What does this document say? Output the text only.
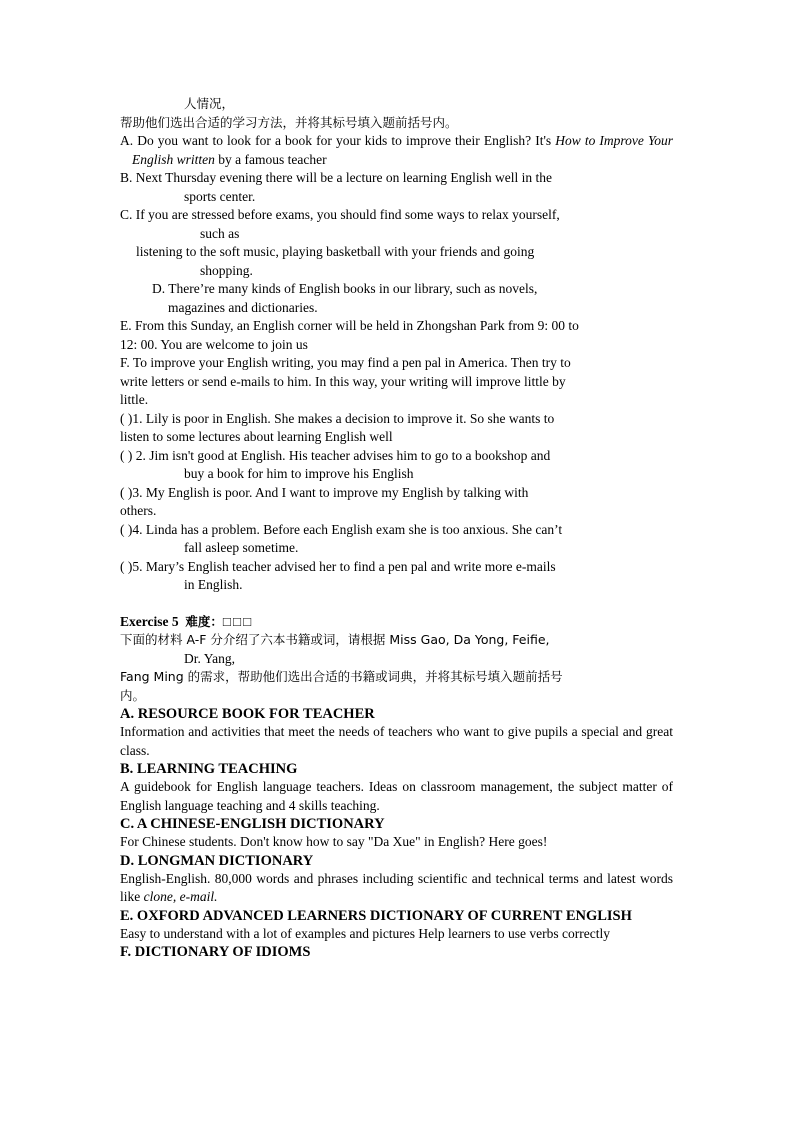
人情况，

帮助他们选出合适的学习方法，并将其标号填入题前括号内。

A. Do you want to look for a book for your kids to improve their English? It's How to Improve Your English written by a famous teacher

B. Next Thursday evening there will be a lecture on learning English well in the

sports center.

C. If you are stressed before exams, you should find some ways to relax yourself,

such as

listening to the soft music, playing basketball with your friends and going

shopping.

D. There’re many kinds of English books in our library, such as novels,

magazines and dictionaries.

E. From this Sunday, an English corner will be held in Zhongshan Park from 9: 00 to

12: 00. You are welcome to join us

F. To improve your English writing, you may find a pen pal in America. Then try to

write letters or send e-mails to him. In this way, your writing will improve little by

little.

( )1. Lily is poor in English. She makes a decision to improve it. So she wants to

listen to some lectures about learning English well

( ) 2. Jim isn't good at English. His teacher advises him to go to a bookshop and

buy a book for him to improve his English

( )3. My English is poor. And I want to improve my English by talking with

others.

( )4. Linda has a problem. Before each English exam she is too anxious. She can’t

fall asleep sometime.

( )5. Mary’s English teacher advised her to find a pen pal and write more e-mails

in English.

Exercise 5 难度：□□□

下面的材料 A-F 分介绍了六本书籍或词，请根据 Miss Gao, Da Yong, Feifie,

Dr. Yang,

Fang Ming 的需求，帮助他们选出合适的书籍或词典，并将其标号填入题前括号

内。

A. RESOURCE BOOK FOR TEACHER

Information and activities that meet the needs of teachers who want to give pupils a special and great class.

B. LEARNING TEACHING

A guidebook for English language teachers. Ideas on classroom management, the subject matter of English language teaching and 4 skills teaching.

C. A CHINESE-ENGLISH DICTIONARY

For Chinese students. Don't know how to say "Da Xue" in English? Here goes!

D. LONGMAN DICTIONARY

English-English. 80,000 words and phrases including scientific and technical terms and latest words like clone, e-mail.

E. OXFORD ADVANCED LEARNERS DICTIONARY OF CURRENT ENGLISH

Easy to understand with a lot of examples and pictures Help learners to use verbs correctly

F. DICTIONARY OF IDIOMS
